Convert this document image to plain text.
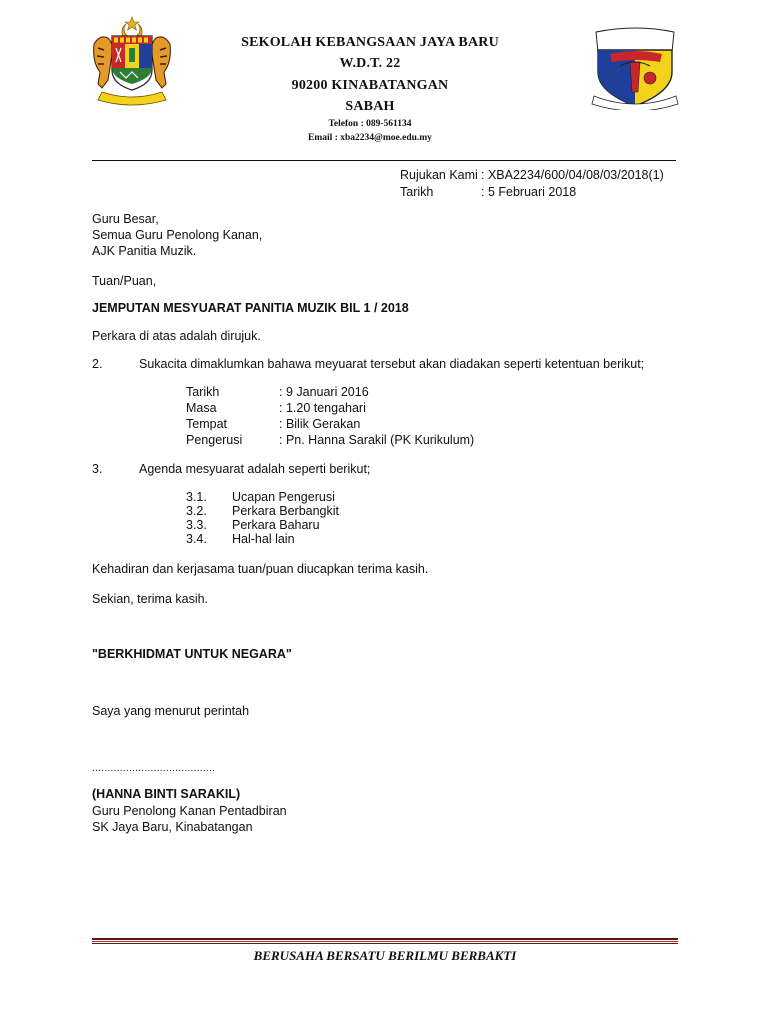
SEKOLAH KEBANGSAAN JAYA BARU
W.D.T. 22
90200 KINABATANGAN
SABAH
Telefon : 089-561134
Email : xba2234@moe.edu.my
Rujukan Kami : XBA2234/600/04/08/03/2018(1)
Tarikh	: 5 Februari 2018
Guru Besar,
Semua Guru Penolong Kanan,
AJK Panitia Muzik.
Tuan/Puan,
JEMPUTAN MESYUARAT PANITIA MUZIK BIL 1 / 2018
Perkara di atas adalah dirujuk.
2.	Sukacita dimaklumkan bahawa meyuarat tersebut akan diadakan seperti ketentuan berikut;
Tarikh	: 9 Januari 2016
Masa	: 1.20 tengahari
Tempat	: Bilik Gerakan
Pengerusi	: Pn. Hanna Sarakil (PK Kurikulum)
3.	Agenda mesyuarat adalah seperti berikut;
3.1. Ucapan Pengerusi
3.2. Perkara Berbangkit
3.3. Perkara Baharu
3.4. Hal-hal lain
Kehadiran dan kerjasama tuan/puan diucapkan terima kasih.
Sekian, terima kasih.
"BERKHIDMAT UNTUK NEGARA"
Saya yang menurut perintah
........................................
(HANNA BINTI SARAKIL)
Guru Penolong Kanan Pentadbiran
SK Jaya Baru, Kinabatangan
BERUSAHA BERSATU BERILMU BERBAKTI
